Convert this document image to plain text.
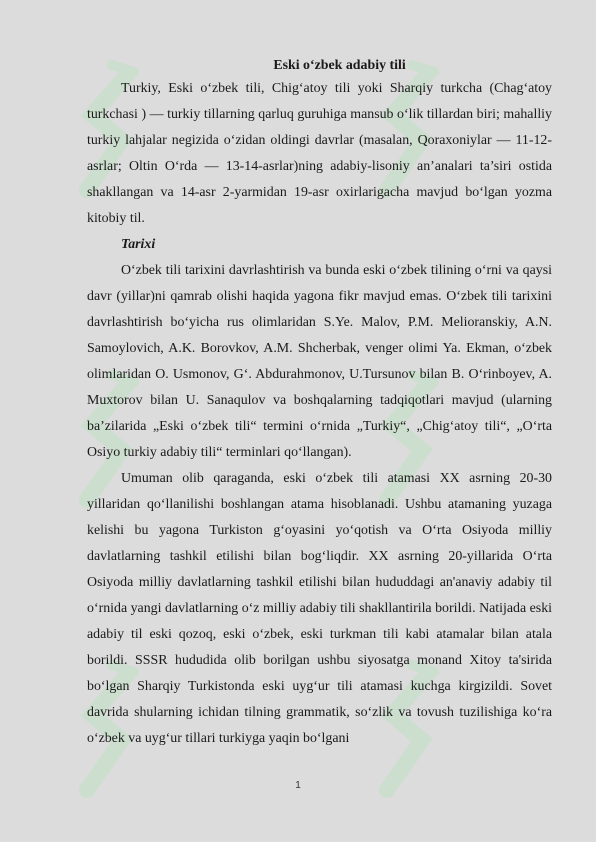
Eski o‘zbek adabiy tili

Turkiy, Eski o‘zbek tili, Chig‘atoy tili yoki Sharqiy turkcha (Chag‘atoy turkchasi ) — turkiy tillarning qarluq guruhiga mansub o‘lik tillardan biri; mahalliy turkiy lahjalar negizida o‘zidan oldingi davrlar (masalan, Qoraxoniylar — 11-12-asrlar; Oltin O‘rda — 13-14-asrlar)ning adabiy-lisoniy an’analari ta’siri ostida shakllangan va 14-asr 2-yarmidan 19-asr oxirlarigacha mavjud bo‘lgan yozma kitobiy til.

Tarixi

O‘zbek tili tarixini davrlashtirish va bunda eski o‘zbek tilining o‘rni va qaysi davr (yillar)ni qamrab olishi haqida yagona fikr mavjud emas. O‘zbek tili tarixini davrlashtirish bo‘yicha rus olimlaridan S.Ye. Malov, P.M. Melioranskiy, A.N. Samoylovich, A.K. Borovkov, A.M. Shcherbak, venger olimi Ya. Ekman, o‘zbek olimlaridan O. Usmonov, G‘. Abdurahmonov, U.Tursunov bilan B. O‘rinboyev, A. Muxtorov bilan U. Sanaqulov va boshqalarning tadqiqotlari mavjud (ularning ba’zilarida „Eski o‘zbek tili“ termini o‘rnida „Turkiy“, „Chig‘atoy tili“, „O‘rta Osiyo turkiy adabiy tili“ terminlari qo‘llangan).

Umuman olib qaraganda, eski o‘zbek tili atamasi XX asrning 20-30 yillaridan qo‘llanilishi boshlangan atama hisoblanadi. Ushbu atamaning yuzaga kelishi bu yagona Turkiston g‘oyasini yo‘qotish va O‘rta Osiyoda milliy davlatlarning tashkil etilishi bilan bog‘liqdir. XX asrning 20-yillarida O‘rta Osiyoda milliy davlatlarning tashkil etilishi bilan hududdagi an'anaviy adabiy til o‘rnida yangi davlatlarning o‘z milliy adabiy tili shakllantirila borildi. Natijada eski adabiy til eski qozoq, eski o‘zbek, eski turkman tili kabi atamalar bilan atala borildi. SSSR hududida olib borilgan ushbu siyosatga monand Xitoy ta'sirida bo‘lgan Sharqiy Turkistonda eski uyg‘ur tili atamasi kuchga kirgizildi. Sovet davrida shularning ichidan tilning grammatik, so‘zlik va tovush tuzilishiga ko‘ra o‘zbek va uyg‘ur tillari turkiyga yaqin bo‘lgani

1
